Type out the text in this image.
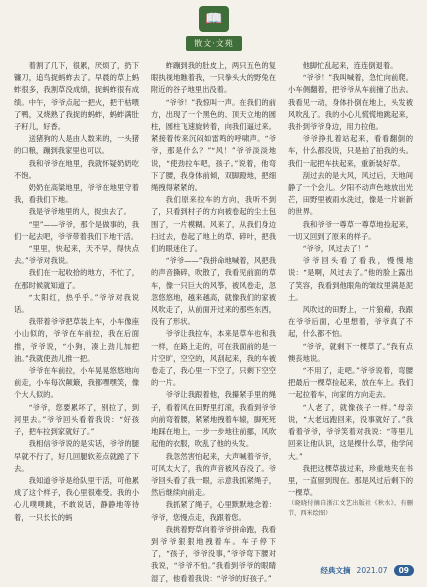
📖
散文·文苑

着割了几下，很累，厌烦了，扔下镰刀，追鸟捉蚂蚱去了。早晨的草上蚂蚱很多，我割草没成绩，捉蚂蚱很有成绩。中午，爷爷点起一把火，把干枯喂了鸭，又烧熟了我捉的蚂蚱，蚂蚱满肚子籽儿，好香。

送猪狗的人是由人数来的，一头猪的口粮，蹦到我家里也可以。

我和爷爷在地里，我就怀疑奶奶吃不饱。

奶奶在高粱地里，爷爷在地里守着我，看我们下地。

我是爷爷地里的人，捉虫去了。

“里”——爷爷，那个是做事的，我们一起去吧，爷爷带着我们下地干活。

“里里，快起来，天不早，得快点去。”爷爷对我说。

我们在一起收拾的地方，不忙了，在那时候就知道了。

“太阳红，热乎乎。”爷爷对我说话。

我带着爷爷把草装上车，小车像座小山似的，爷爷在车前拉，我在后面推，爷爷说，“小狗，凑上劲儿加把油。”我就使劲儿推一把。

爷爷在车前拉，小车晃晃悠悠地向前走，小车每次颠簸，我都嘿嘿笑，像个大人似的。

“爷爷，您要累坏了，别拉了，到河里去。”爷爷回头看着我说：“好孩子，把车拉到家就好了。”

我相信爷爷说的是实话，爷爷的腿早就不行了，好几回腿软差点就跪了下去。

我知道爷爷是给队里干活，可他累成了这个样子，我心里很难受。我的小心儿噗噗跳，不敢说话，静静地等待着，一只长长的蚂

蚱蹦到我的肚皮上，两只五色的复眼执视地瞧着我，一只拳头大的野兔在附近的谷子地里出没着。

“爷爷！”我惊叫一声。在我们的前方，出现了一个黑色的、顶天立地的圆柱，圆柱飞速旋转着，向我们逼过来。紧接着传来沉闷如雷鸣的呼啸声。“爷爷，那是什么？”“风！”爷爷淡淡地说，“使劲拉车吧，孩子。”说着，他弯下了腰，我身体前倾，双脚蹬地，把细绳拽得紧紧的。

我们原来拉车的方向，我听不到了，只看到村子的方向被卷起的尘土包围了，一片模糊。风来了，从我们身边扫过去，卷起了地上的草、碎叶，把我们的眼迷住了。

“爷爷——”我拼命地喊着，风把我的声音撕碎，吹散了，我看见前面的草车，像一只巨大的风筝，被风卷走，忽忽悠悠地，越来越高，就像我们的家被风吹走了，从前面开过来的那些东西，没有了形状。

爷爷让我拉车，本来是草车也和我一样，在路上走的，可在我面前的是一片空旷，空空的，风刮起来，我的车被卷走了，我心里一下空了，只剩下空空的一片。

爷爷让我跟着他，我攥紧手里的绳子，看着风在田野里打滚，我看到爷爷向前弯着腰，紧紧地拽着车辕，脚死死地踩在地上，一步一步地往前挪，风吹起他的衣服，吹乱了他的头发。

我忽然害怕起来，大声喊着爷爷，可风太大了，我的声音被风吞没了。爷爷回头看了我一眼，示意我抓紧绳子，然后继续向前走。

我抓紧了绳子，心里默默地念着：爷爷，您慢点走，我跟着您。

我挑着野草向着爷爷拼命跑，我看到爷爷狠狠地拽着车。车子停下了，“孩子，爷爷没事，”爷爷弯下腰对我说，“爷爷不怕。”我看到爷爷的眼睛湿了，他看着我说：“爷爷的好孩子。”

他脚忙乱起来，连连倒退着。

“爷爷！”我叫喊着，急忙向前爬。小车侧翻着，把爷爷从车前撞了出去。我看见一动，身体扑倒在地上，头发被风吹乱了。我的小心儿慌慌地跳起来，我扑到爷爷身边，用力拉他。

爷爷挣扎着站起来，看看翻倒的车，什么都没说，只是拍了拍我的头。我们一起把车扶起来，重新装好草。

刮过去的是大风，风过后，天地间静了一个会儿。夕阳不动声色地放出光芒，田野里被雨水洗过，像是一片崭新的世界。

我和爷爷一尊草一尊草地捡起来，一切又回到了原来的样子。

“爷爷，风过去了！”

爷爷回头看了看我，慢慢地说：“是啊，风过去了。”他的脸上露出了笑容，我看到他眼角的皱纹里满是泥土。

风吹过的田野上，一片狼藉，我跟在爷爷后面，心里想着，爷爷真了不起，什么都不怕。

“爷爷，就剩下一棵草了。”我有点懊丧地说。

“不用了，走吧。”爷爷说着，弯腰把最后一棵草捡起来，放在车上。我们一起拉着车，向家的方向走去。

“人老了，就像孩子一样。”母亲说，“大老远跑回来，没事就好了。”我看着爷爷，爷爷笑着对我说：“等里儿回来让他认识，这是棵什么草，他学问大。”

我把这棵草拔过来，珍重地夹在书里，一直留到现在。那是风过后剩下的一棵草。

（晓晓付摘自浙江文艺出版社《秋水》，有删节，西米绘图）

经典文摘 2021.07	09
